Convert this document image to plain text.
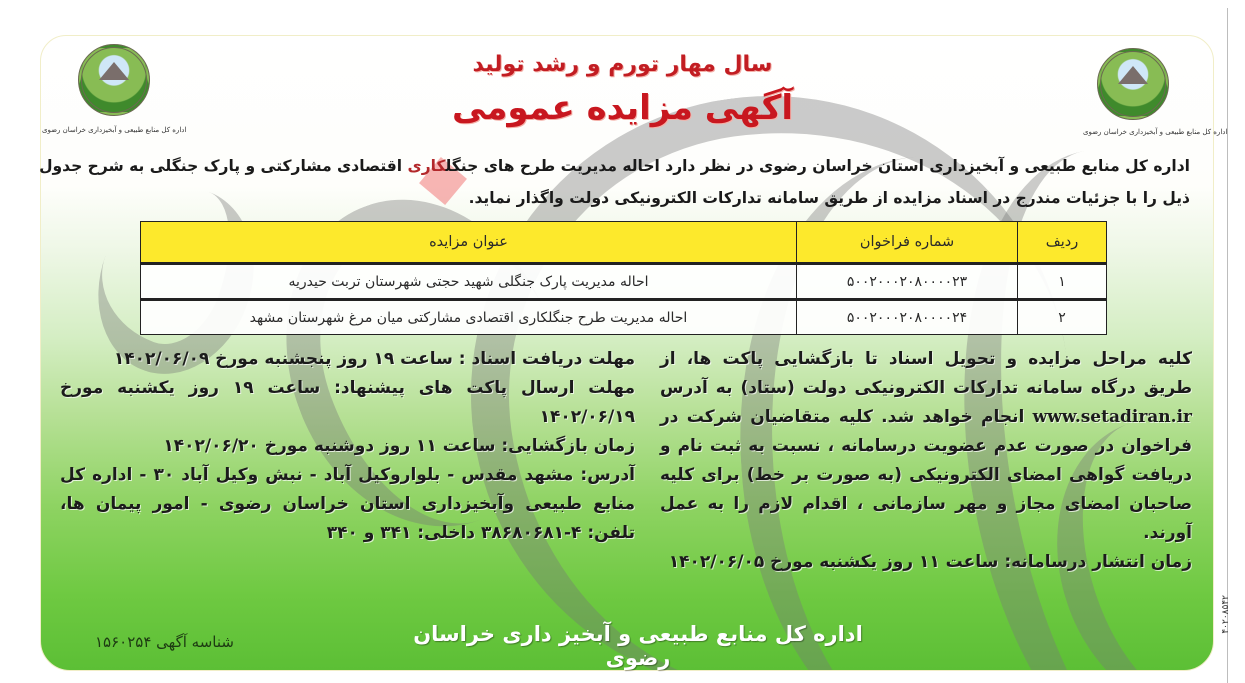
۴۰۲۰۸۵۴۲
اداره کل منابع طبیعی و آبخیزداری خراسان رضوی
اداره کل منابع طبیعی و آبخیزداری خراسان رضوی
سال مهار تورم و رشد تولید
آگهی مزایده عمومی
اداره کل منابع طبیعی و آبخیزداری استان خراسان رضوی در نظر دارد احاله مدیریت طرح های جنگلکاری اقتصادی مشارکتی و پارک جنگلی به شرح جدول ذیل را با جزئیات مندرج در اسناد مزایده از طریق سامانه تدارکات الکترونیکی دولت واگذار نماید.
ردیف	شماره فراخوان	عنوان مزایده
۱	۵۰۰۲۰۰۰۲۰۸۰۰۰۰۲۳	احاله مدیریت پارک جنگلی شهید حجتی شهرستان تربت حیدریه
۲	۵۰۰۲۰۰۰۲۰۸۰۰۰۰۲۴	احاله مدیریت طرح جنگلکاری اقتصادی مشارکتی میان مرغ شهرستان مشهد

کلیه مراحل مزایده و تحویل اسناد تا بازگشایی پاکت ها، از طریق درگاه سامانه تدارکات الکترونیکی دولت (ستاد) به آدرس www.setadiran.ir انجام خواهد شد. کلیه متقاضیان شرکت در فراخوان در صورت عدم عضویت درسامانه ، نسبت به ثبت نام و دریافت گواهی امضای الکترونیکی (به صورت بر خط) برای کلیه صاحبان امضای مجاز و مهر سازمانی ، اقدام لازم را به عمل آورند.

زمان انتشار درسامانه: ساعت ۱۱ روز یکشنبه مورخ ۱۴۰۲/۰۶/۰۵

مهلت دریافت اسناد : ساعت ۱۹ روز پنجشنبه مورخ ۱۴۰۲/۰۶/۰۹

مهلت ارسال پاکت های پیشنهاد: ساعت ۱۹ روز یکشنبه مورخ ۱۴۰۲/۰۶/۱۹

زمان بازگشایی: ساعت ۱۱ روز دوشنبه مورخ ۱۴۰۲/۰۶/۲۰

آدرس: مشهد مقدس - بلواروکیل آباد - نبش وکیل آباد ۳۰ - اداره کل منابع طبیعی وآبخیزداری استان خراسان رضوی - امور پیمان ها، تلفن: ۴-۳۸۶۸۰۶۸۱ داخلی: ۳۴۱ و ۳۴۰

اداره کل منابع طبیعی و آبخیز داری خراسان رضوی
شناسه آگهی ۱۵۶۰۲۵۴
